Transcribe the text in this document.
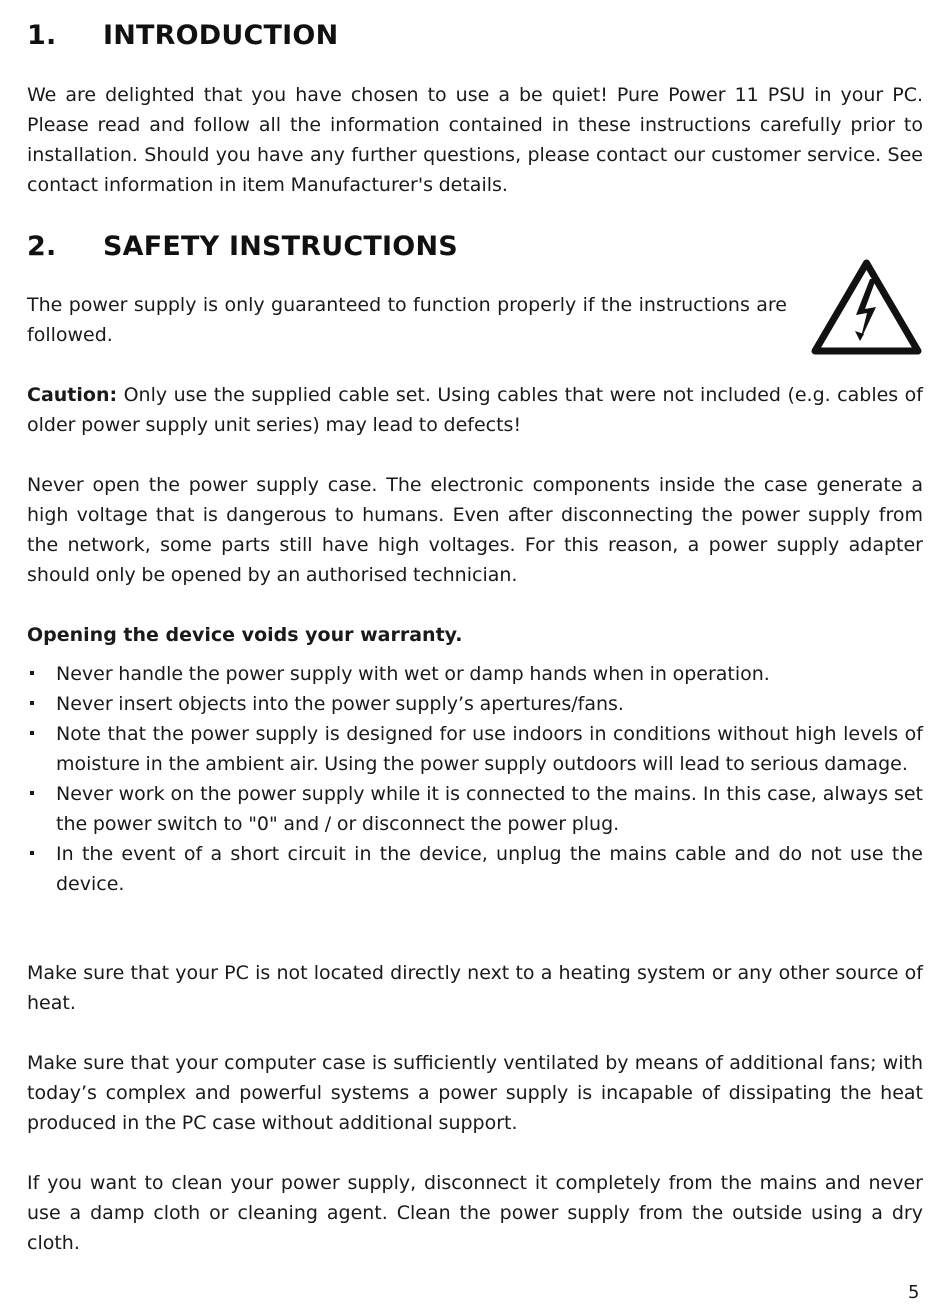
1. INTRODUCTION

We are delighted that you have chosen to use a be quiet! Pure Power 11 PSU in your PC. Please read and follow all the information contained in these instructions carefully prior to installation. Should you have any further questions, please contact our customer service. See contact information in item Manufacturer's details.

2. SAFETY INSTRUCTIONS

The power supply is only guaranteed to function properly if the instructions are followed.

Caution: Only use the supplied cable set. Using cables that were not included (e.g. cables of older power supply unit series) may lead to defects!

Never open the power supply case. The electronic components inside the case generate a high voltage that is dangerous to humans. Even after disconnecting the power supply from the network, some parts still have high voltages. For this reason, a power supply adapter should only be opened by an authorised technician.

Opening the device voids your warranty.

Never handle the power supply with wet or damp hands when in operation.
Never insert objects into the power supply’s apertures/fans.
Note that the power supply is designed for use indoors in conditions without high levels of moisture in the ambient air. Using the power supply outdoors will lead to serious damage.
Never work on the power supply while it is connected to the mains. In this case, always set the power switch to "0" and / or disconnect the power plug.
In the event of a short circuit in the device, unplug the mains cable and do not use the device.

Make sure that your PC is not located directly next to a heating system or any other source of heat.

Make sure that your computer case is sufficiently ventilated by means of additional fans; with today’s complex and powerful systems a power supply is incapable of dissipating the heat produced in the PC case without additional support.

If you want to clean your power supply, disconnect it completely from the mains and never use a damp cloth or cleaning agent. Clean the power supply from the outside using a dry cloth.

5
